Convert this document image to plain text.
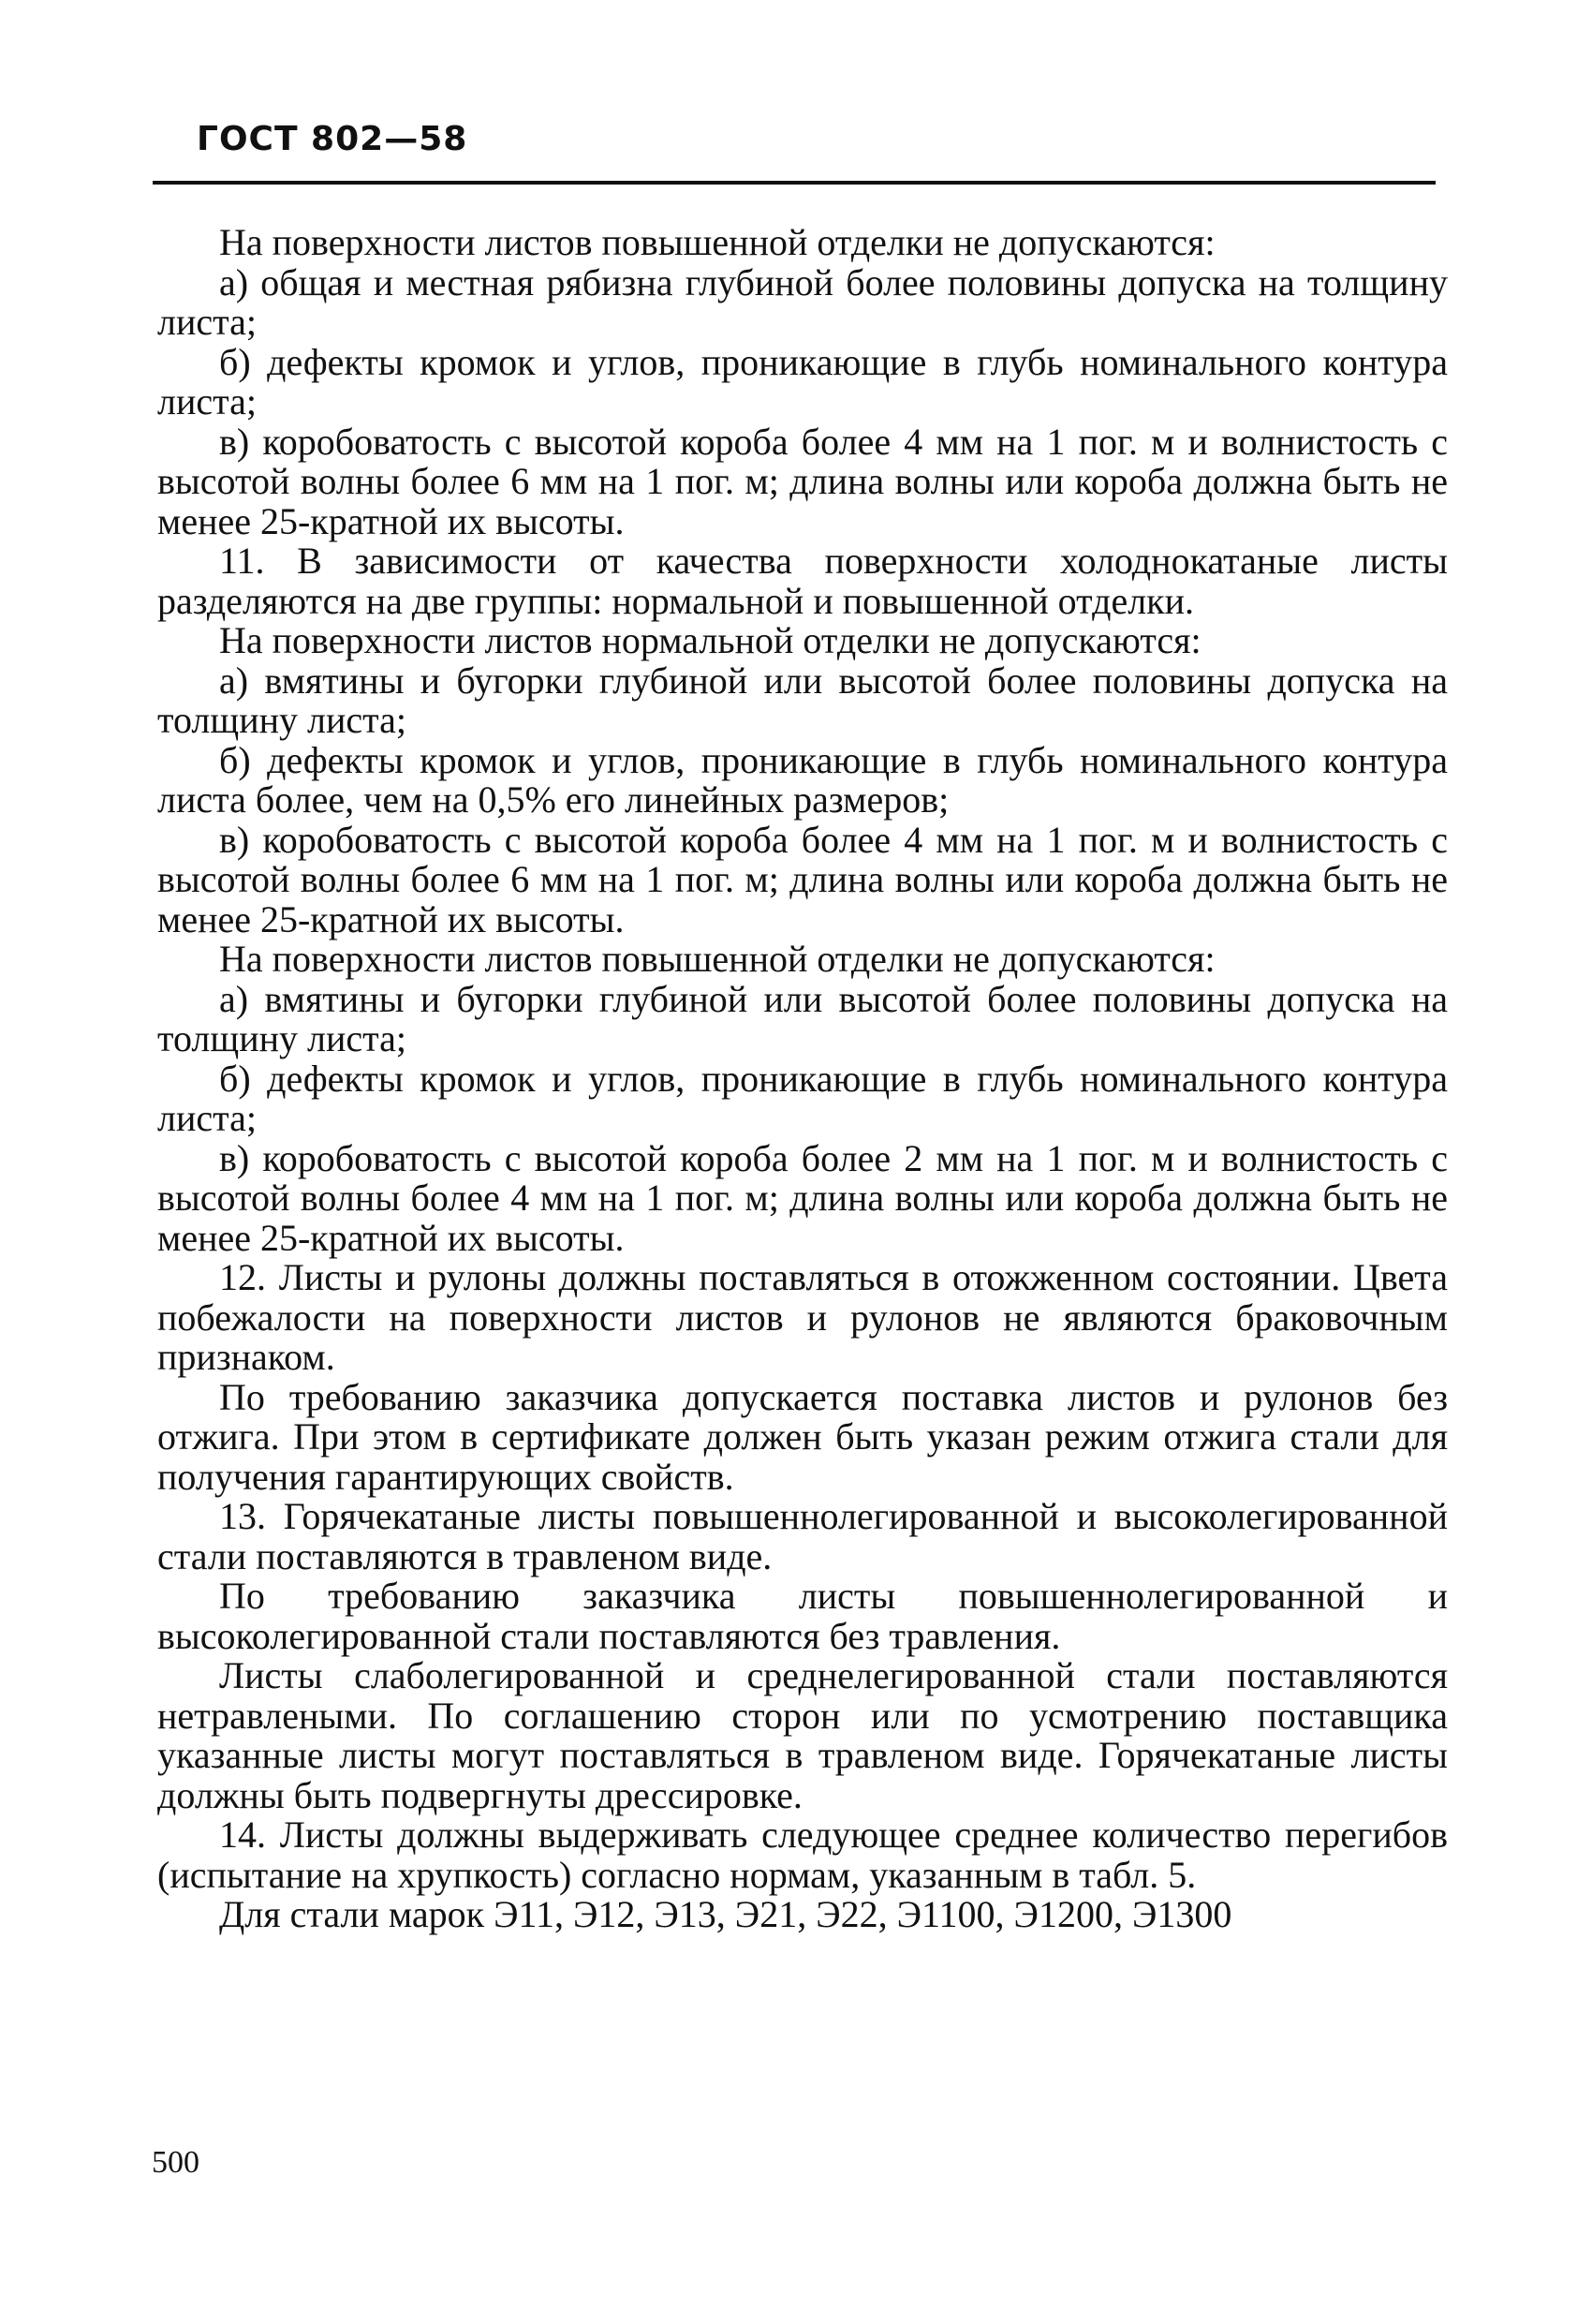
ГОСТ 802—58

На поверхности листов повышенной отделки не допускаются:

а) общая и местная рябизна глубиной более половины допуска на толщину листа;

б) дефекты кромок и углов, проникающие в глубь номинального контура листа;

в) коробоватость с высотой короба более 4 мм на 1 пог. м и волнистость с высотой волны более 6 мм на 1 пог. м; длина волны или короба должна быть не менее 25-кратной их высоты.

11. В зависимости от качества поверхности холоднокатаные листы разделяются на две группы: нормальной и повышенной отделки.

На поверхности листов нормальной отделки не допускаются:

а) вмятины и бугорки глубиной или высотой более половины допуска на толщину листа;

б) дефекты кромок и углов, проникающие в глубь номинального контура листа более, чем на 0,5% его линейных размеров;

в) коробоватость с высотой короба более 4 мм на 1 пог. м и волнистость с высотой волны более 6 мм на 1 пог. м; длина волны или короба должна быть не менее 25-кратной их высоты.

На поверхности листов повышенной отделки не допускаются:

а) вмятины и бугорки глубиной или высотой более половины допуска на толщину листа;

б) дефекты кромок и углов, проникающие в глубь номинального контура листа;

в) коробоватость с высотой короба более 2 мм на 1 пог. м и волнистость с высотой волны более 4 мм на 1 пог. м; длина волны или короба должна быть не менее 25-кратной их высоты.

12. Листы и рулоны должны поставляться в отожженном состоянии. Цвета побежалости на поверхности листов и рулонов не являются браковочным признаком.

По требованию заказчика допускается поставка листов и рулонов без отжига. При этом в сертификате должен быть указан режим отжига стали для получения гарантирующих свойств.

13. Горячекатаные листы повышеннолегированной и высоколегированной стали поставляются в травленом виде.

По требованию заказчика листы повышеннолегированной и высоколегированной стали поставляются без травления.

Листы слаболегированной и среднелегированной стали поставляются нетравлеными. По соглашению сторон или по усмотрению поставщика указанные листы могут поставляться в травленом виде. Горячекатаные листы должны быть подвергнуты дрессировке.

14. Листы должны выдерживать следующее среднее количество перегибов (испытание на хрупкость) согласно нормам, указанным в табл. 5.

Для стали марок Э11, Э12, Э13, Э21, Э22, Э1100, Э1200, Э1300

500
